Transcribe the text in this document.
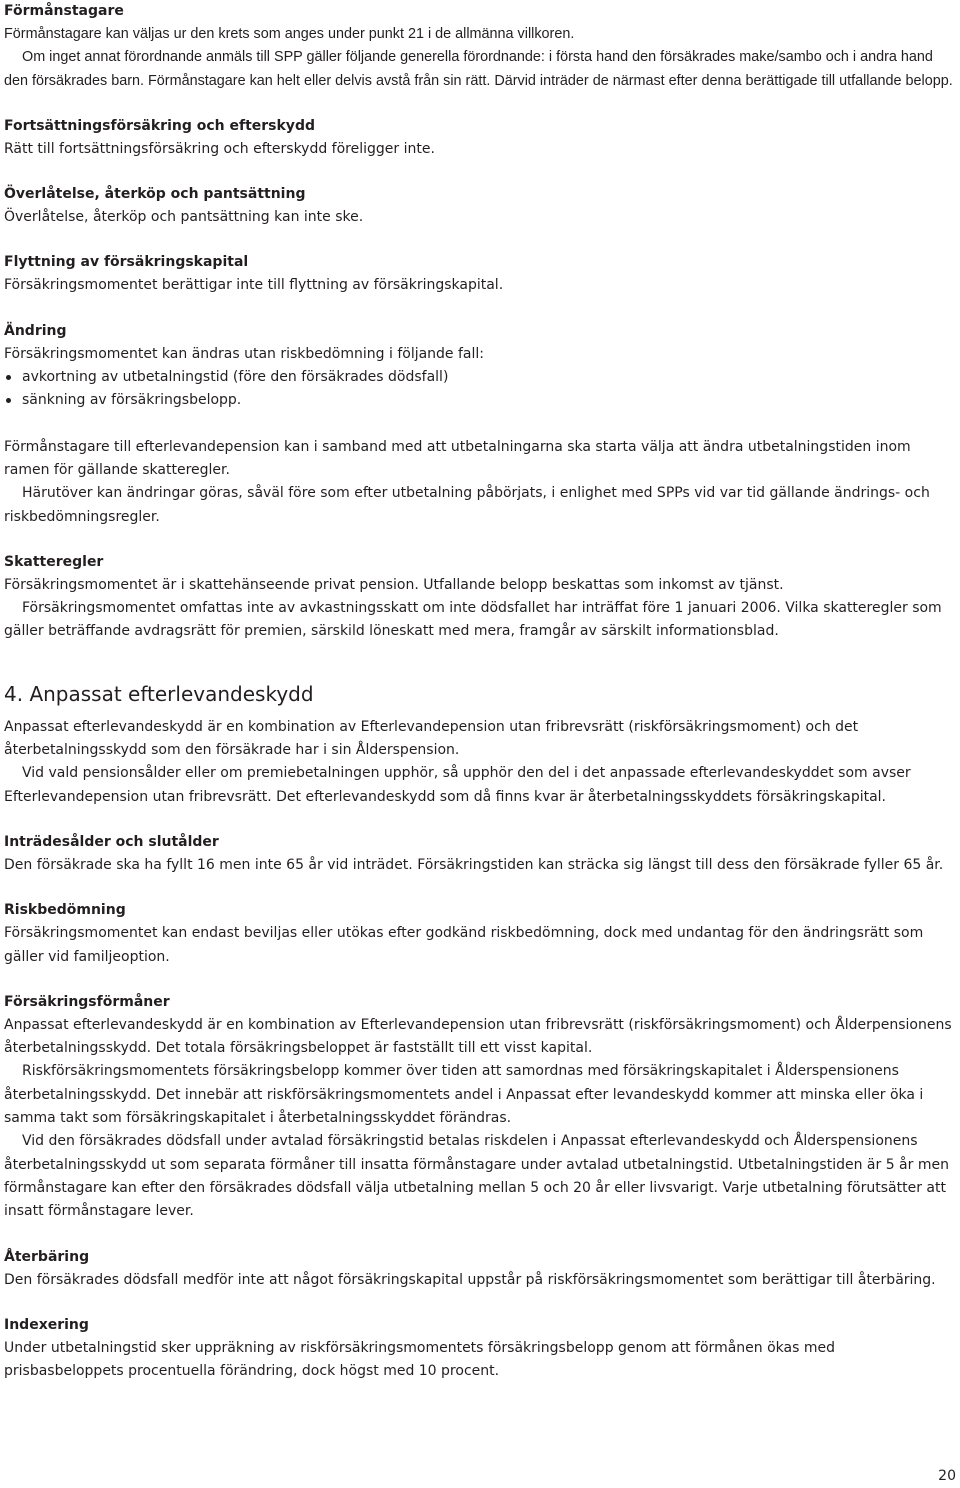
Förmånstagare

Förmånstagare kan väljas ur den krets som anges under punkt 21 i de allmänna villkoren.

Om inget annat förordnande anmäls till SPP gäller följande generella förordnande: i första hand den försäkrades make/sambo och i andra hand den försäkrades barn. Förmånstagare kan helt eller delvis avstå från sin rätt. Därvid inträder de närmast efter denna berättigade till utfallande belopp.

Fortsättningsförsäkring och efterskydd

Rätt till fortsättningsförsäkring och efterskydd föreligger inte.

Överlåtelse, återköp och pantsättning

Överlåtelse, återköp och pantsättning kan inte ske.

Flyttning av försäkringskapital

Försäkringsmomentet berättigar inte till flyttning av försäkringskapital.

Ändring

Försäkringsmomentet kan ändras utan riskbedömning i följande fall:

avkortning av utbetalningstid (före den försäkrades dödsfall)
sänkning av försäkringsbelopp.

Förmånstagare till efterlevandepension kan i samband med att utbetalningarna ska starta välja att ändra utbetalningstiden inom ramen för gällande skatteregler.

Härutöver kan ändringar göras, såväl före som efter utbetalning påbörjats, i enlighet med SPPs vid var tid gällande ändrings- och riskbedömningsregler.

Skatteregler

Försäkringsmomentet är i skattehänseende privat pension. Utfallande belopp beskattas som inkomst av tjänst.

Försäkringsmomentet omfattas inte av avkastningsskatt om inte dödsfallet har inträffat före 1 januari 2006. Vilka skatteregler som gäller beträffande avdragsrätt för premien, särskild löneskatt med mera, framgår av särskilt informationsblad.

4. Anpassat efterlevandeskydd

Anpassat efterlevandeskydd är en kombination av Efterlevandepension utan fribrevsrätt (riskförsäkringsmoment) och det återbetalningsskydd som den försäkrade har i sin Ålderspension.

Vid vald pensionsålder eller om premiebetalningen upphör, så upphör den del i det anpassade efterlevandeskyddet som avser Efterlevandepension utan fribrevsrätt. Det efterlevandeskydd som då finns kvar är återbetalningsskyddets försäkringskapital.

Inträdesålder och slutålder

Den försäkrade ska ha fyllt 16 men inte 65 år vid inträdet. Försäkringstiden kan sträcka sig längst till dess den försäkrade fyller 65 år.

Riskbedömning

Försäkringsmomentet kan endast beviljas eller utökas efter godkänd riskbedömning, dock med undantag för den ändringsrätt som gäller vid familjeoption.

Försäkringsförmåner

Anpassat efterlevandeskydd är en kombination av Efterlevandepension utan fribrevsrätt (riskförsäkringsmoment) och Ålderpensionens återbetalningsskydd. Det totala försäkringsbeloppet är fastställt till ett visst kapital.

Riskförsäkringsmomentets försäkringsbelopp kommer över tiden att samordnas med försäkringskapitalet i Ålderspensionens återbetalningsskydd. Det innebär att riskförsäkringsmomentets andel i Anpassat efter levandeskydd kommer att minska eller öka i samma takt som försäkringskapitalet i återbetalningsskyddet förändras.

Vid den försäkrades dödsfall under avtalad försäkringstid betalas riskdelen i Anpassat efterlevandeskydd och Ålderspensionens återbetalningsskydd ut som separata förmåner till insatta förmånstagare under avtalad utbetalningstid. Utbetalningstiden är 5 år men förmånstagare kan efter den försäkrades dödsfall välja utbetalning mellan 5 och 20 år eller livsvarigt. Varje utbetalning förutsätter att insatt förmånstagare lever.

Återbäring

Den försäkrades dödsfall medför inte att något försäkringskapital uppstår på riskförsäkringsmomentet som berättigar till återbäring.

Indexering

Under utbetalningstid sker uppräkning av riskförsäkringsmomentets försäkringsbelopp genom att förmånen ökas med prisbasbeloppets procentuella förändring, dock högst med 10 procent.

20
